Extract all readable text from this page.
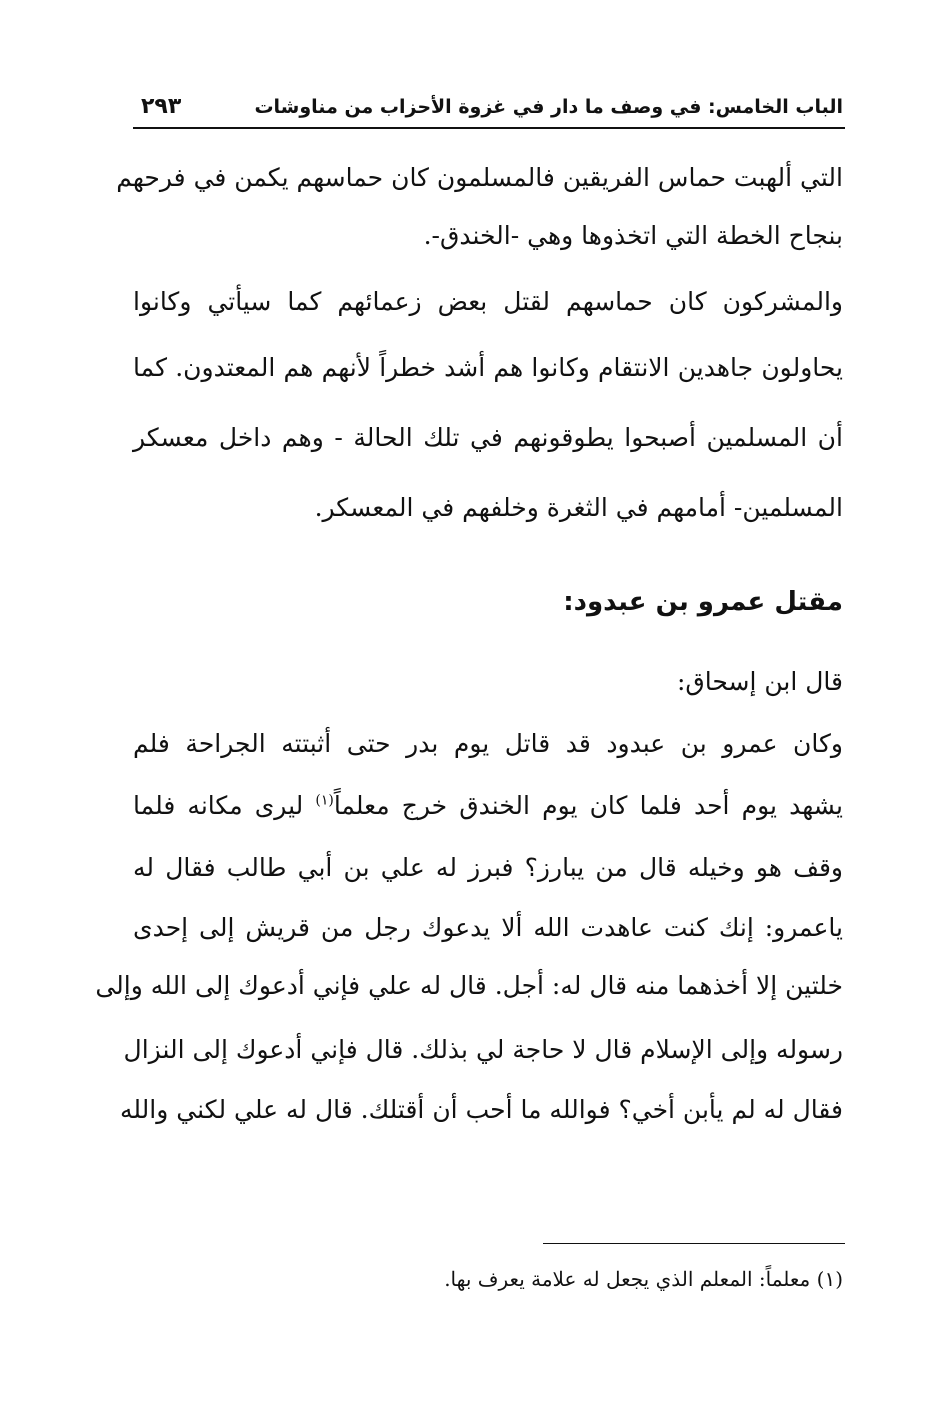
الباب الخامس: في وصف ما دار في غزوة الأحزاب من مناوشات
٢٩٣
التي ألهبت حماس الفريقين فالمسلمون كان حماسهم يكمن في فرحهم
بنجاح الخطة التي اتخذوها وهي -الخندق-.
والمشركون كان حماسهم لقتل بعض زعمائهم كما سيأتي وكانوا
يحاولون جاهدين الانتقام وكانوا هم أشد خطراً لأنهم هم المعتدون. كما
أن المسلمين أصبحوا يطوقونهم في تلك الحالة - وهم داخل معسكر
المسلمين- أمامهم في الثغرة وخلفهم في المعسكر.
مقتل عمرو بن عبدود:
قال ابن إسحاق:
وكان عمرو بن عبدود قد قاتل يوم بدر حتى أثبتته الجراحة فلم
يشهد يوم أحد فلما كان يوم الخندق خرج معلماً$^{(١)}$ ليرى مكانه فلما
وقف هو وخيله قال من يبارز؟ فبرز له علي بن أبي طالب فقال له
ياعمرو: إنك كنت عاهدت الله ألا يدعوك رجل من قريش إلى إحدى
خلتين إلا أخذهما منه قال له: أجل. قال له علي فإني أدعوك إلى الله وإلى
رسوله وإلى الإسلام قال لا حاجة لي بذلك. قال فإني أدعوك إلى النزال
فقال له لم يأبن أخي؟ فوالله ما أحب أن أقتلك. قال له علي لكني والله
(١) معلماً: المعلم الذي يجعل له علامة يعرف بها.
